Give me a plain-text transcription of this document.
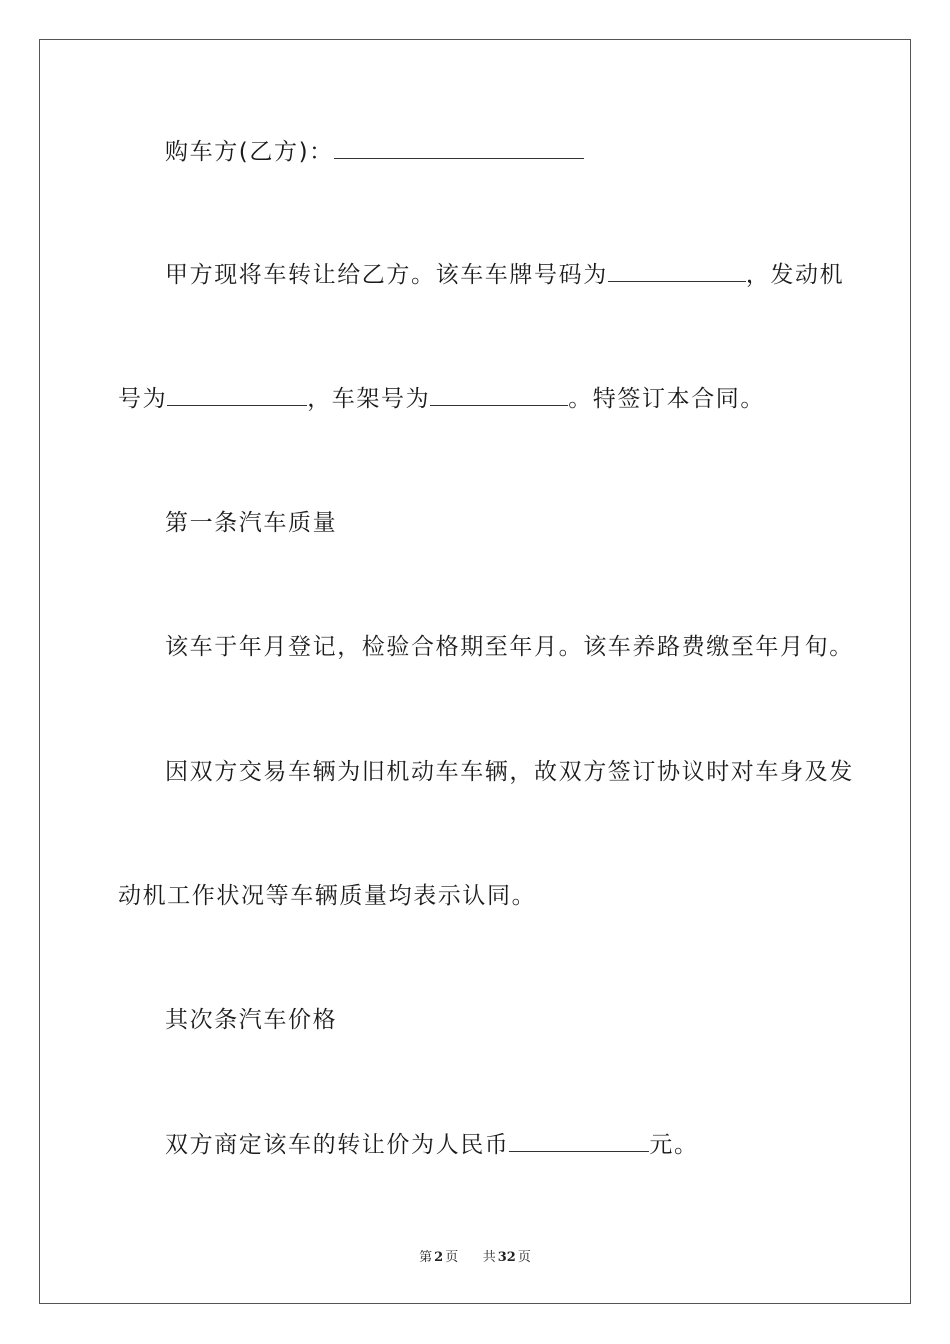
购车方(乙方)：
甲方现将车转让给乙方。该车车牌号码为	，发动机
号为	，车架号为	。特签订本合同。
第一条汽车质量
该车于年月登记，检验合格期至年月。该车养路费缴至年月旬。
因双方交易车辆为旧机动车车辆，故双方签订协议时对车身及发
动机工作状况等车辆质量均表示认同。
其次条汽车价格
双方商定该车的转让价为人民币	元。
第 2 页 共 32 页
